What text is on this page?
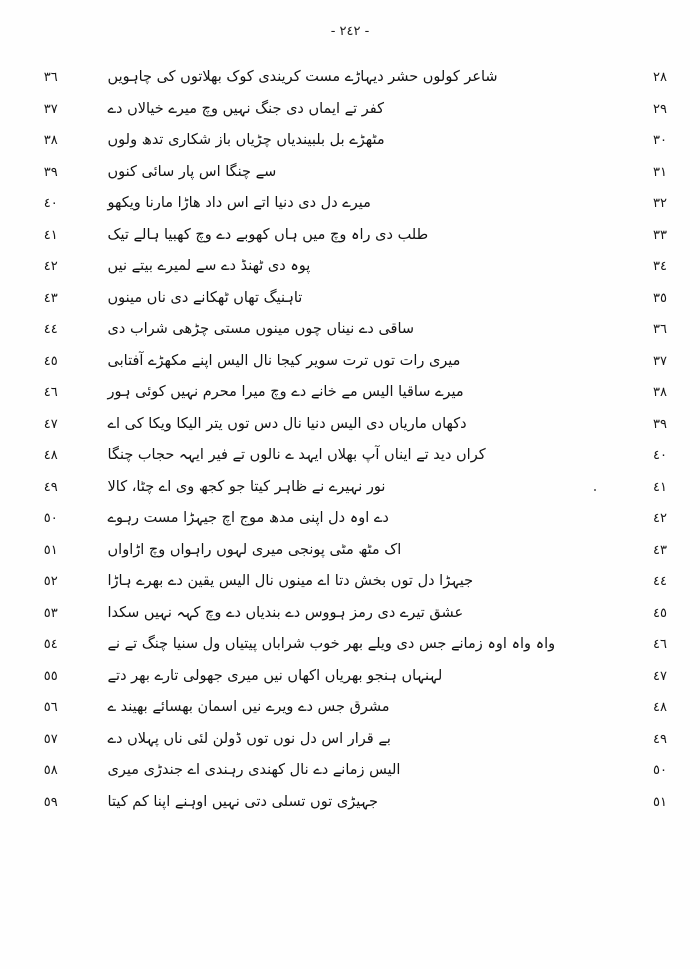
- ٢٤٢ -
٢٨	شاعر کولوں حشر دیہاڑے مست کریندی کوک بھلاتوں کی چاہویں	٣٦
٢٩	کفر تے ایماں دی جنگ نہیں وچ میرے خیالاں دے	٣٧
٣٠	مٹھڑے بل بلبیندیاں چڑیاں باز شکاری تدھ ولوں	٣٨
٣١	سے چنگا اس پار سائی کنوں	٣٩
٣٢	میرے دل دی دنیا اتے اس داد ھاڑا مارنا ویکھو	٤٠
٣٣	طلب دی راہ وچ میں ہاں کھوبے دے وچ کھبیا ہالے تیک	٤١
٣٤	پوہ دی ٹھنڈ دے سے لمیرے بیتے نیں	٤٢
٣٥	تاہنیگ تھاں ٹھکانے دی ناں مینوں	٤٣
٣٦	ساقی دے نیناں چوں مینوں مستی چڑھی شراب دی	٤٤
٣٧	میری رات توں ترت سویر کیجا نال الیس اپنے مکھڑے آفتابی	٤٥
٣٨	میرے ساقیا الیس مے خانے دے وچ میرا محرم نہیں کوئی ہور	٤٦
٣٩	دکھاں ماریاں دی الیس دنیا نال دس توں یتر الیکا ویکا کی اے	٤٧
٤٠	کراں دید تے ایناں آپ بھلاں ایہد ے نالوں تے فیر ایہہ حجاب چنگا	٤٨
٤١	نور نہیرے نے ظاہر کیتا جو کجھ وی اے چٹا، کالا	٤٩
٤٢	دے اوہ دل اپنی مدھ موج اچ جیہڑا مست رہوے	٥٠
٤٣	اک مٹھ مٹی پونجی میری لہوں راہواں وچ اڑاواں	٥١
٤٤	جیہڑا دل توں بخش دتا اے مینوں نال الیس یقین دے بھرے ہاڑا	٥٢
٤٥	عشق تیرے دی رمز ہووس دے بندیاں دے وچ کہہ نہیں سکدا	٥٣
٤٦	واہ واہ اوہ زمانے جس دی ویلے بھر خوب شراباں پیتیاں ول سنیا چنگ تے نے	٥٤
٤٧	لہنہاں ہنجو بھریاں اکھاں نیں میری جھولی تارے بھر دتے	٥٥
٤٨	مشرق جس دے ویرے نیں اسمان بھسائے بھیند ے	٥٦
٤٩	بے قرار اس دل نوں توں ڈولن لئی ناں پہلاں دے	٥٧
٥٠	الیس زمانے دے نال کھندی رہندی اے جندڑی میری	٥٨
٥١	جہیڑی توں تسلی دتی نہیں اوہنے اپنا کم کیتا	٥٩
